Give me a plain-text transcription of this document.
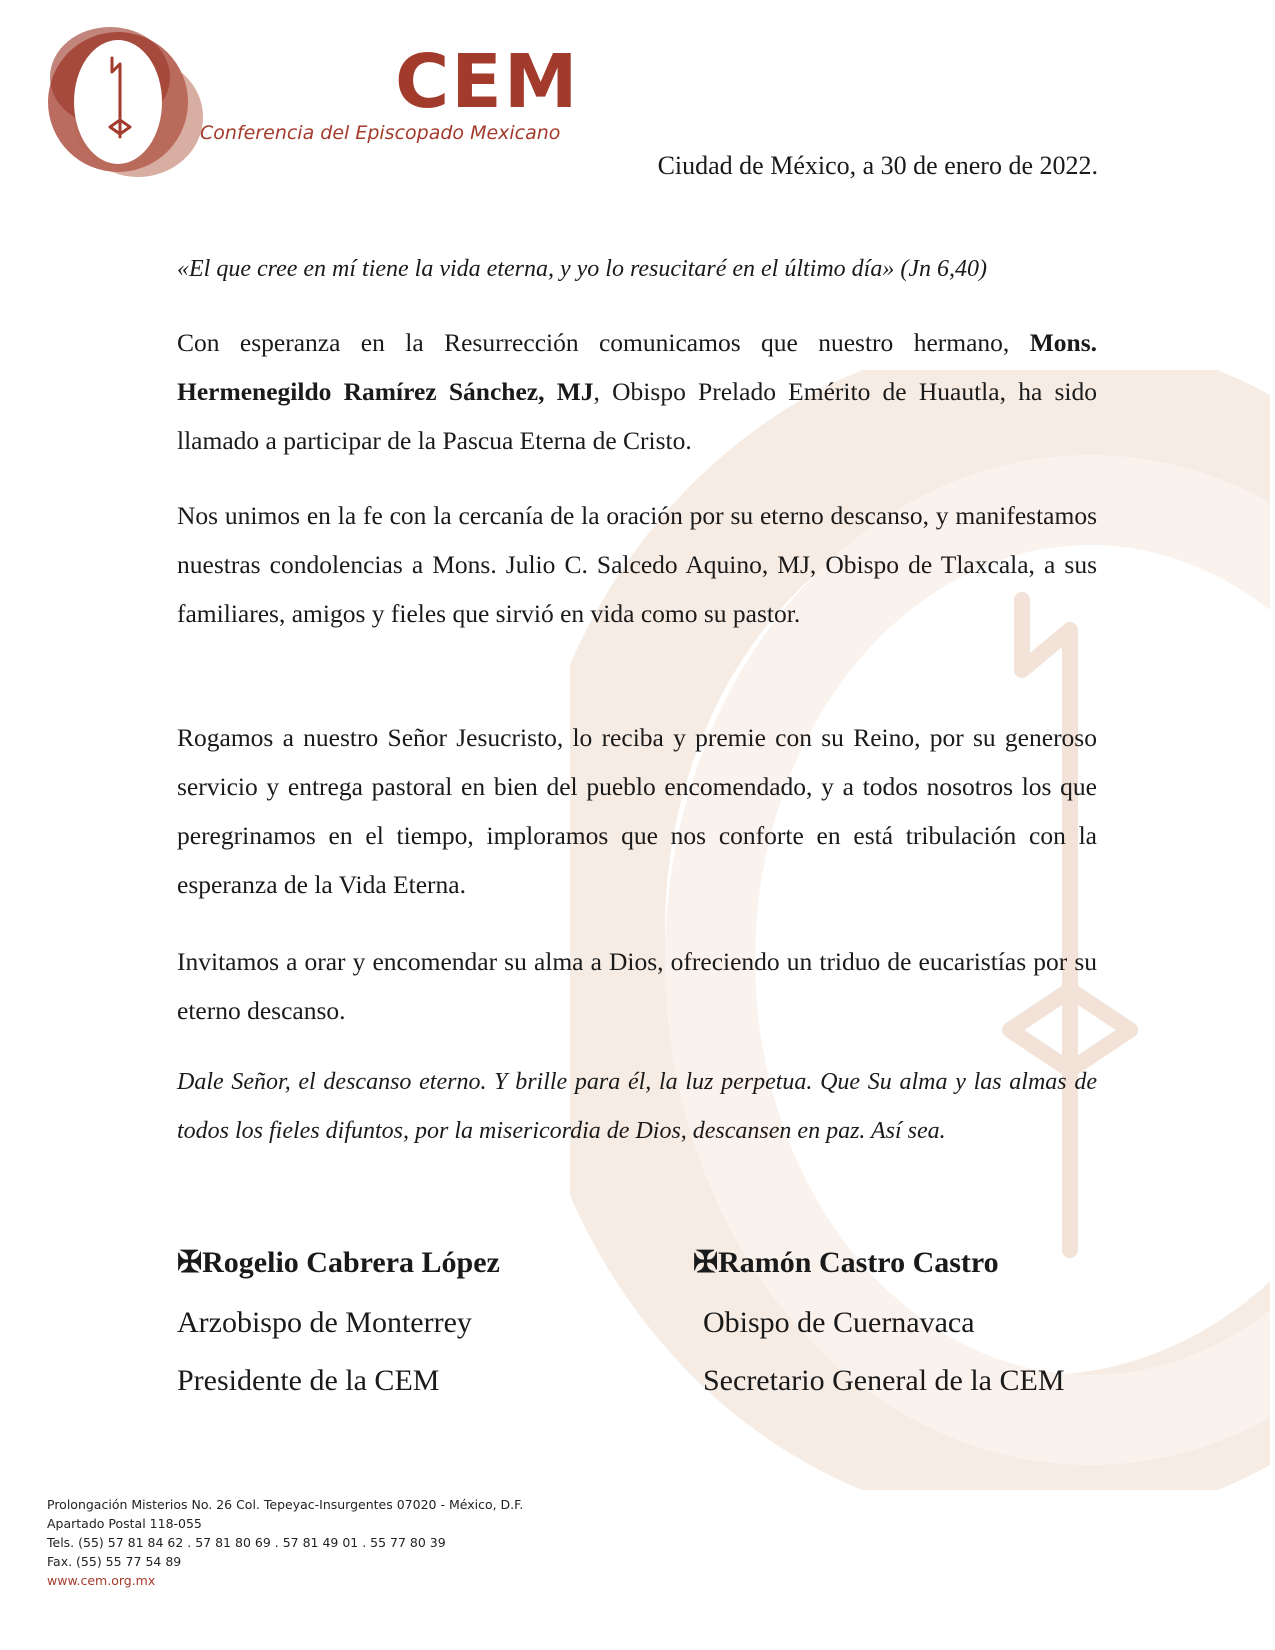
CEM
Conferencia del Episcopado Mexicano
Ciudad de México, a 30 de enero de 2022.
«El que cree en mí tiene la vida eterna, y yo lo resucitaré en el último día» (Jn 6,40)
Con esperanza en la Resurrección comunicamos que nuestro hermano, Mons. Hermenegildo Ramírez Sánchez, MJ, Obispo Prelado Emérito de Huautla, ha sido llamado a participar de la Pascua Eterna de Cristo.
Nos unimos en la fe con la cercanía de la oración por su eterno descanso, y manifestamos nuestras condolencias a Mons. Julio C. Salcedo Aquino, MJ, Obispo de Tlaxcala, a sus familiares, amigos y fieles que sirvió en vida como su pastor.
Rogamos a nuestro Señor Jesucristo, lo reciba y premie con su Reino, por su generoso servicio y entrega pastoral en bien del pueblo encomendado, y a todos nosotros los que peregrinamos en el tiempo, imploramos que nos conforte en está tribulación con la esperanza de la Vida Eterna.
Invitamos a orar y encomendar su alma a Dios, ofreciendo un triduo de eucaristías por su eterno descanso.
Dale Señor, el descanso eterno. Y brille para él, la luz perpetua. Que Su alma y las almas de todos los fieles difuntos, por la misericordia de Dios, descansen en paz. Así sea.
✠Rogelio Cabrera López
Arzobispo de Monterrey
Presidente de la CEM
✠Ramón Castro Castro
Obispo de Cuernavaca
Secretario General de la CEM
Prolongación Misterios No. 26 Col. Tepeyac-Insurgentes 07020 - México, D.F.
Apartado Postal 118-055
Tels. (55) 57 81 84 62 . 57 81 80 69 . 57 81 49 01 . 55 77 80 39
Fax. (55) 55 77 54 89
www.cem.org.mx
